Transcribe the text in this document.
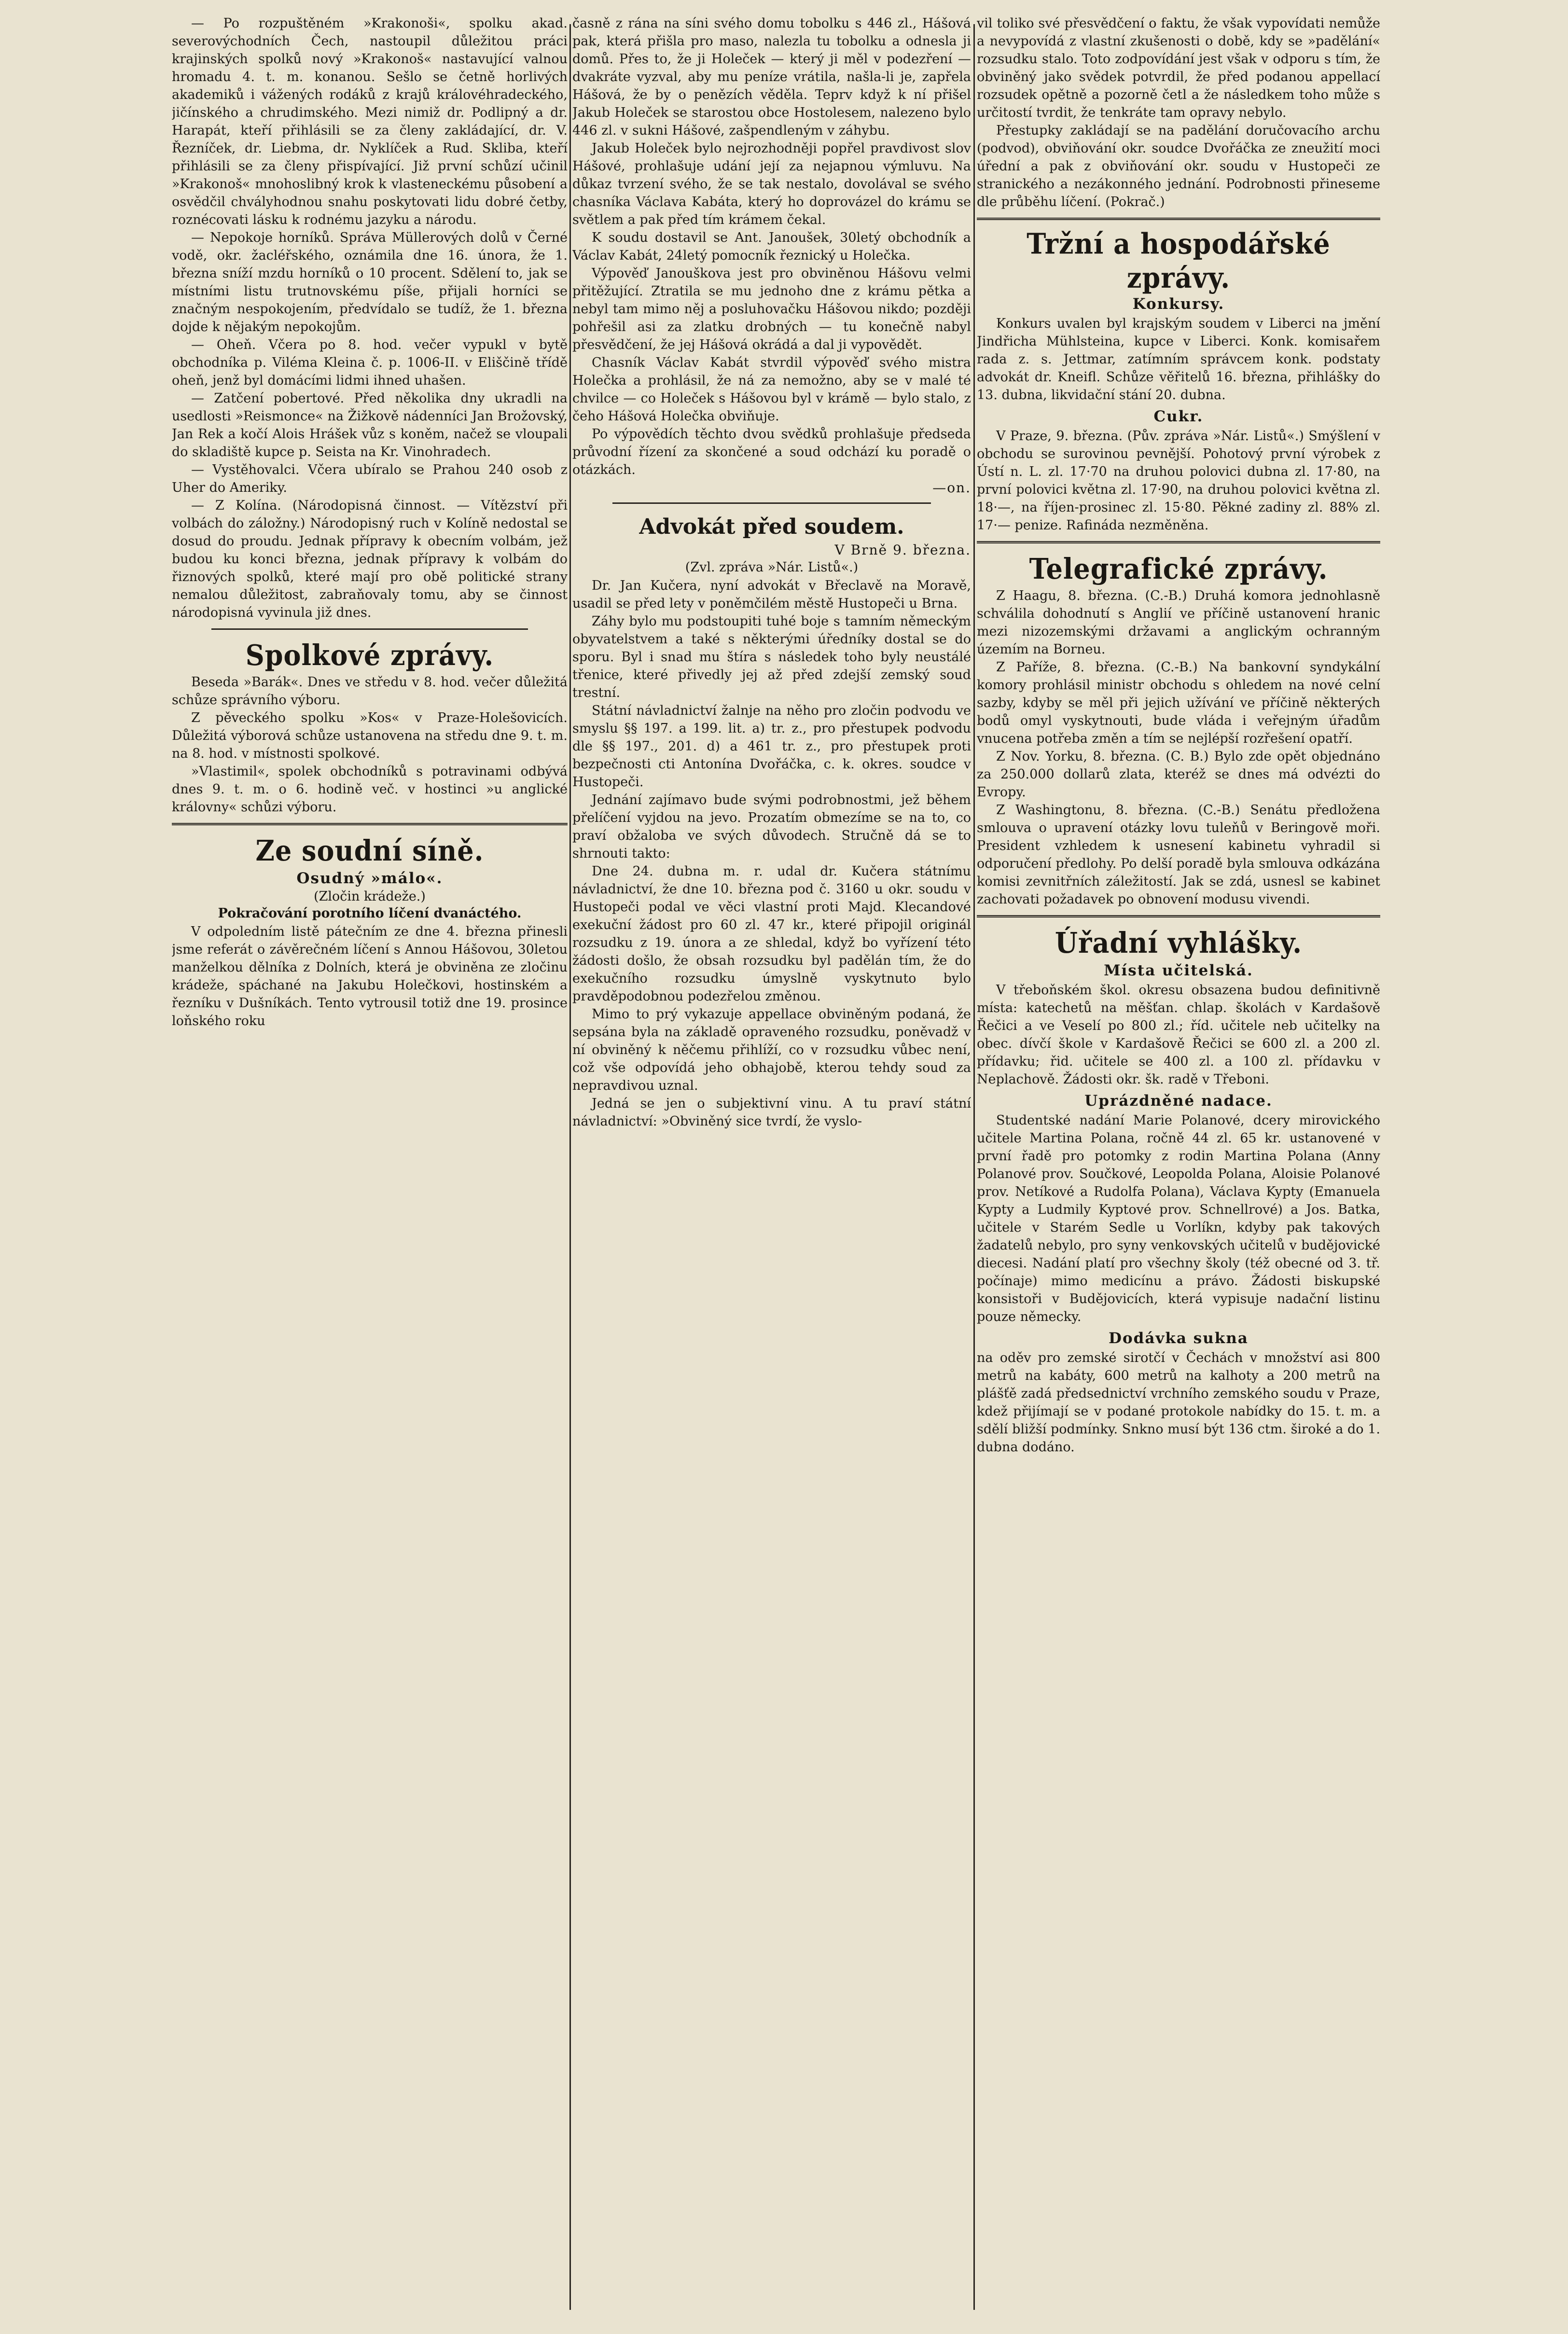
— Po rozpuštěném »Krakonoši«, spolku akad. severovýchodních Čech, nastoupil důležitou práci krajinských spolků nový »Krakonoš« nastavující valnou hromadu 4. t. m. konanou. Sešlo se četně horlivých akademiků i vážených rodáků z krajů královéhradeckého, jičínského a chrudimského. Mezi nimiž dr. Podlipný a dr. Harapát, kteří přihlásili se za členy zakládající, dr. V. Řezníček, dr. Liebma, dr. Nyklíček a Rud. Skliba, kteří přihlásili se za členy přispívající. Již první schůzí učinil »Krakonoš« mnohoslibný krok k vlasteneckému působení a osvědčil chvályhodnou snahu poskytovati lidu dobré četby, roznécovati lásku k rodnému jazyku a národu.

— Nepokoje horníků. Správa Müllerových dolů v Černé vodě, okr. žacléřského, oznámila dne 16. února, že 1. března sníží mzdu horníků o 10 procent. Sdělení to, jak se místními listu trutnovskému píše, přijali horníci se značným nespokojením, předvídalo se tudíž, že 1. března dojde k nějakým nepokojům.

— Oheň. Včera po 8. hod. večer vypukl v bytě obchodníka p. Viléma Kleina č. p. 1006-II. v Eliščině třídě oheň, jenž byl domácími lidmi ihned uhašen.

— Zatčení pobertové. Před několika dny ukradli na usedlosti »Reismonce« na Žižkově nádenníci Jan Brožovský, Jan Rek a kočí Alois Hrášek vůz s koněm, načež se vloupali do skladiště kupce p. Seista na Kr. Vinohradech.

— Vystěhovalci. Včera ubíralo se Prahou 240 osob z Uher do Ameriky.

— Z Kolína. (Národopisná činnost. — Vítězství při volbách do záložny.) Národopisný ruch v Kolíně nedostal se dosud do proudu. Jednak přípravy k obecním volbám, jež budou ku konci března, jednak přípravy k volbám do řiznových spolků, které mají pro obě politické strany nemalou důležitost, zabraňovaly tomu, aby se činnost národopisná vyvinula již dnes.

Spolkové zprávy.

Beseda »Barák«. Dnes ve středu v 8. hod. večer důležitá schůze správního výboru.

Z pěveckého spolku »Kos« v Praze-Holešovicích. Důležitá výborová schůze ustanovena na středu dne 9. t. m. na 8. hod. v místnosti spolkové.

»Vlastimil«, spolek obchodníků s potravinami odbývá dnes 9. t. m. o 6. hodině več. v hostinci »u anglické královny« schůzi výboru.

Ze soudní síně.
Osudný »málo«.
(Zločin krádeže.)
Pokračování porotního líčení dvanáctého.

V odpoledním listě pátečním ze dne 4. března přinesli jsme referát o závěrečném líčení s Annou Hášovou, 30letou manželkou dělníka z Dolních, která je obviněna ze zločinu krádeže, spáchané na Jakubu Holečkovi, hostinském a řezníku v Dušníkách. Tento vytrousil totiž dne 19. prosince loňského roku

časně z rána na síni svého domu tobolku s 446 zl., Hášová pak, která přišla pro maso, nalezla tu tobolku a odnesla ji domů. Přes to, že ji Holeček — který ji měl v podezření — dvakráte vyzval, aby mu peníze vrátila, našla-li je, zapřela Hášová, že by o penězích věděla. Teprv když k ní přišel Jakub Holeček se starostou obce Hostolesem, nalezeno bylo 446 zl. v sukni Hášové, zašpendleným v záhybu.

Jakub Holeček bylo nejrozhodněji popřel pravdivost slov Hášové, prohlašuje udání její za nejapnou výmluvu. Na důkaz tvrzení svého, že se tak nestalo, dovolával se svého chasníka Václava Kabáta, který ho doprovázel do krámu se světlem a pak před tím krámem čekal.

K soudu dostavil se Ant. Janoušek, 30letý obchodník a Václav Kabát, 24letý pomocník řeznický u Holečka.

Výpověď Janouškova jest pro obviněnou Hášovu velmi přitěžující. Ztratila se mu jednoho dne z krámu pětka a nebyl tam mimo něj a posluhovačku Hášovou nikdo; později pohřešil asi za zlatku drobných — tu konečně nabyl přesvědčení, že jej Hášová okrádá a dal ji vypovědět.

Chasník Václav Kabát stvrdil výpověď svého mistra Holečka a prohlásil, že ná za nemožno, aby se v malé té chvilce — co Holeček s Hášovou byl v krámě — bylo stalo, z čeho Hášová Holečka obviňuje.

Po výpovědích těchto dvou svědků prohlašuje předseda průvodní řízení za skončené a soud odchází ku poradě o otázkách.

—on.
Advokát před soudem.
V Brně 9. března.
(Zvl. zpráva »Nár. Listů«.)

Dr. Jan Kučera, nyní advokát v Břeclavě na Moravě, usadil se před lety v poněmčilém městě Hustopeči u Brna.

Záhy bylo mu podstoupiti tuhé boje s tamním německým obyvatelstvem a také s některými úředníky dostal se do sporu. Byl i snad mu štíra s následek toho byly neustálé třenice, které přivedly jej až před zdejší zemský soud trestní.

Státní návladnictví žalnje na něho pro zločin podvodu ve smyslu §§ 197. a 199. lit. a) tr. z., pro přestupek podvodu dle §§ 197., 201. d) a 461 tr. z., pro přestupek proti bezpečnosti cti Antonína Dvořáčka, c. k. okres. soudce v Hustopeči.

Jednání zajímavo bude svými podrobnostmi, jež během přelíčení vyjdou na jevo. Prozatím obmezíme se na to, co praví obžaloba ve svých důvodech. Stručně dá se to shrnouti takto:

Dne 24. dubna m. r. udal dr. Kučera státnímu návladnictví, že dne 10. března pod č. 3160 u okr. soudu v Hustopeči podal ve věci vlastní proti Majd. Klecandové exekuční žádost pro 60 zl. 47 kr., které připojil originál rozsudku z 19. února a ze shledal, když bo vyřízení této žádosti došlo, že obsah rozsudku byl padělán tím, že do exekučního rozsudku úmyslně vyskytnuto bylo pravděpodobnou podezřelou změnou.

Mimo to prý vykazuje appellace obviněným podaná, že sepsána byla na základě opraveného rozsudku, poněvadž v ní obviněný k něčemu přihlíží, co v rozsudku vůbec není, což vše odpovídá jeho obhajobě, kterou tehdy soud za nepravdivou uznal.

Jedná se jen o subjektivní vinu. A tu praví státní návladnictví: »Obviněný sice tvrdí, že vyslo-

vil toliko své přesvědčení o faktu, že však vypovídati nemůže a nevypovídá z vlastní zkušenosti o době, kdy se »padělání« rozsudku stalo. Toto zodpovídání jest však v odporu s tím, že obviněný jako svědek potvrdil, že před podanou appellací rozsudek opětně a pozorně četl a že následkem toho může s určitostí tvrdit, že tenkráte tam opravy nebylo.

Přestupky zakládají se na padělání doručovacího archu (podvod), obviňování okr. soudce Dvořáčka ze zneužití moci úřední a pak z obviňování okr. soudu v Hustopeči ze stranického a nezákonného jednání. Podrobnosti přineseme dle průběhu líčení. (Pokrač.)

Tržní a hospodářské zprávy.
Konkursy.

Konkurs uvalen byl krajským soudem v Liberci na jmění Jindřicha Mühlsteina, kupce v Liberci. Konk. komisařem rada z. s. Jettmar, zatímním správcem konk. podstaty advokát dr. Kneifl. Schůze věřitelů 16. března, přihlášky do 13. dubna, likvidační stání 20. dubna.

Cukr.

V Praze, 9. března. (Pův. zpráva »Nár. Listů«.) Smýšlení v obchodu se surovinou pevnější. Pohotový první výrobek z Ústí n. L. zl. 17·70 na druhou polovici dubna zl. 17·80, na první polovici května zl. 17·90, na druhou polovici května zl. 18·—, na říjen-prosinec zl. 15·80. Pěkné zadiny zl. 88% zl. 17·— penize. Rafináda nezměněna.

Telegrafické zprávy.

Z Haagu, 8. března. (C.-B.) Druhá komora jednohlasně schválila dohodnutí s Anglií ve příčině ustanovení hranic mezi nizozemskými državami a anglickým ochranným územím na Borneu.

Z Paříže, 8. března. (C.-B.) Na bankovní syndykální komory prohlásil ministr obchodu s ohledem na nové celní sazby, kdyby se měl při jejich užívání ve příčině některých bodů omyl vyskytnouti, bude vláda i veřejným úřadům vnucena potřeba změn a tím se nejlépší rozřešení opatří.

Z Nov. Yorku, 8. března. (C. B.) Bylo zde opět objednáno za 250.000 dollarů zlata, kteréž se dnes má odvézti do Evropy.

Z Washingtonu, 8. března. (C.-B.) Senátu předložena smlouva o upravení otázky lovu tuleňů v Beringově moři. President vzhledem k usnesení kabinetu vyhradil si odporučení předlohy. Po delší poradě byla smlouva odkázána komisi zevnitřních záležitostí. Jak se zdá, usnesl se kabinet zachovati požadavek po obnovení modusu vivendi.

Úřadní vyhlášky.
Místa učitelská.

V třeboňském škol. okresu obsazena budou definitivně místa: katechetů na měšťan. chlap. školách v Kardašově Řečici a ve Veselí po 800 zl.; říd. učitele neb učitelky na obec. dívčí škole v Kardašově Řečici se 600 zl. a 200 zl. přídavku; řid. učitele se 400 zl. a 100 zl. přídavku v Neplachově. Žádosti okr. šk. radě v Třeboni.

Uprázdněné nadace.

Studentské nadání Marie Polanové, dcery mirovického učitele Martina Polana, ročně 44 zl. 65 kr. ustanovené v první řadě pro potomky z rodin Martina Polana (Anny Polanové prov. Součkové, Leopolda Polana, Aloisie Polanové prov. Netíkové a Rudolfa Polana), Václava Kypty (Emanuela Kypty a Ludmily Kyptové prov. Schnellrové) a Jos. Batka, učitele v Starém Sedle u Vorlíkn, kdyby pak takových žadatelů nebylo, pro syny venkovských učitelů v budějovické diecesi. Nadání platí pro všechny školy (též obecné od 3. tř. počínaje) mimo medicínu a právo. Žádosti biskupské konsistoři v Budějovicích, která vypisuje nadační listinu pouze německy.

Dodávka sukna

na oděv pro zemské sirotčí v Čechách v množství asi 800 metrů na kabáty, 600 metrů na kalhoty a 200 metrů na plášťě zadá předsednictví vrchního zemského soudu v Praze, kdež přijímají se v podané protokole nabídky do 15. t. m. a sdělí bližší podmínky. Snkno musí být 136 ctm. široké a do 1. dubna dodáno.
